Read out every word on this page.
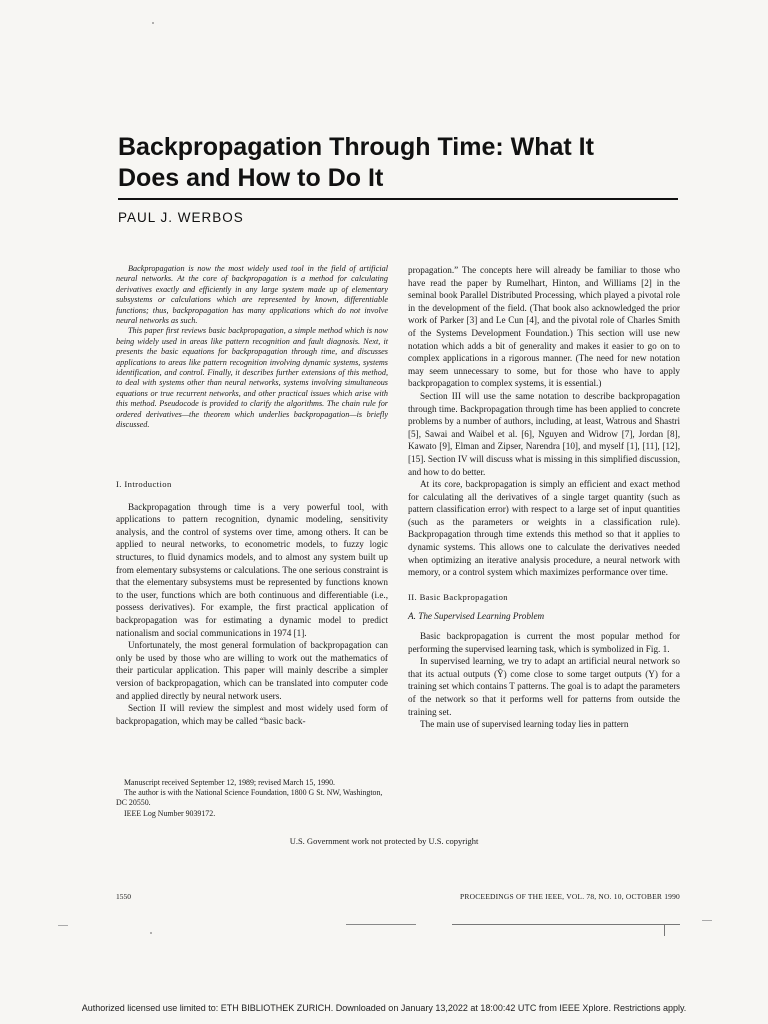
Backpropagation Through Time: What It
Does and How to Do It
PAUL J. WERBOS

Backpropagation is now the most widely used tool in the field of artificial neural networks. At the core of backpropagation is a method for calculating derivatives exactly and efficiently in any large system made up of elementary subsystems or calculations which are represented by known, differentiable functions; thus, backpropagation has many applications which do not involve neural networks as such.

This paper first reviews basic backpropagation, a simple method which is now being widely used in areas like pattern recognition and fault diagnosis. Next, it presents the basic equations for backpropagation through time, and discusses applications to areas like pattern recognition involving dynamic systems, systems identification, and control. Finally, it describes further extensions of this method, to deal with systems other than neural networks, systems involving simultaneous equations or true recurrent networks, and other practical issues which arise with this method. Pseudocode is provided to clarify the algorithms. The chain rule for ordered derivatives—the theorem which underlies backpropagation—is briefly discussed.

I. Introduction

Backpropagation through time is a very powerful tool, with applications to pattern recognition, dynamic modeling, sensitivity analysis, and the control of systems over time, among others. It can be applied to neural networks, to econometric models, to fuzzy logic structures, to fluid dynamics models, and to almost any system built up from elementary subsystems or calculations. The one serious constraint is that the elementary subsystems must be represented by functions known to the user, functions which are both continuous and differentiable (i.e., possess derivatives). For example, the first practical application of backpropagation was for estimating a dynamic model to predict nationalism and social communications in 1974 [1].

Unfortunately, the most general formulation of backpropagation can only be used by those who are willing to work out the mathematics of their particular application. This paper will mainly describe a simpler version of backpropagation, which can be translated into computer code and applied directly by neural network users.

Section II will review the simplest and most widely used form of backpropagation, which may be called “basic back-

Manuscript received September 12, 1989; revised March 15, 1990.

The author is with the National Science Foundation, 1800 G St. NW, Washington, DC 20550.

IEEE Log Number 9039172.

propagation.” The concepts here will already be familiar to those who have read the paper by Rumelhart, Hinton, and Williams [2] in the seminal book Parallel Distributed Processing, which played a pivotal role in the development of the field. (That book also acknowledged the prior work of Parker [3] and Le Cun [4], and the pivotal role of Charles Smith of the Systems Development Foundation.) This section will use new notation which adds a bit of generality and makes it easier to go on to complex applications in a rigorous manner. (The need for new notation may seem unnecessary to some, but for those who have to apply backpropagation to complex systems, it is essential.)

Section III will use the same notation to describe backpropagation through time. Backpropagation through time has been applied to concrete problems by a number of authors, including, at least, Watrous and Shastri [5], Sawai and Waibel et al. [6], Nguyen and Widrow [7], Jordan [8], Kawato [9], Elman and Zipser, Narendra [10], and myself [1], [11], [12], [15]. Section IV will discuss what is missing in this simplified discussion, and how to do better.

At its core, backpropagation is simply an efficient and exact method for calculating all the derivatives of a single target quantity (such as pattern classification error) with respect to a large set of input quantities (such as the parameters or weights in a classification rule). Backpropagation through time extends this method so that it applies to dynamic systems. This allows one to calculate the derivatives needed when optimizing an iterative analysis procedure, a neural network with memory, or a control system which maximizes performance over time.

II. Basic Backpropagation

A. The Supervised Learning Problem

Basic backpropagation is current the most popular method for performing the supervised learning task, which is symbolized in Fig. 1.

In supervised learning, we try to adapt an artificial neural network so that its actual outputs (Ŷ) come close to some target outputs (Y) for a training set which contains T patterns. The goal is to adapt the parameters of the network so that it performs well for patterns from outside the training set.

The main use of supervised learning today lies in pattern

U.S. Government work not protected by U.S. copyright
1550	PROCEEDINGS OF THE IEEE, VOL. 78, NO. 10, OCTOBER 1990
Authorized licensed use limited to: ETH BIBLIOTHEK ZURICH. Downloaded on January 13,2022 at 18:00:42 UTC from IEEE Xplore. Restrictions apply.
